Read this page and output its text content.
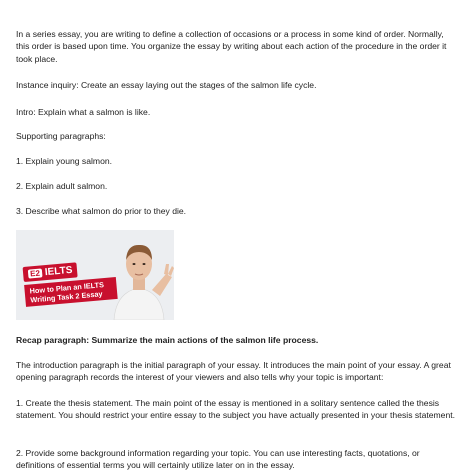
In a series essay, you are writing to define a collection of occasions or a process in some kind of order. Normally, this order is based upon time. You organize the essay by writing about each action of the procedure in the order it took place.

Instance inquiry: Create an essay laying out the stages of the salmon life cycle.

Intro: Explain what a salmon is like.

Supporting paragraphs:

1. Explain young salmon.

2. Explain adult salmon.

3. Describe what salmon do prior to they die.

Recap paragraph: Summarize the main actions of the salmon life process.

The introduction paragraph is the initial paragraph of your essay. It introduces the main point of your essay. A great opening paragraph records the interest of your viewers and also tells why your topic is important:

1. Create the thesis statement. The main point of the essay is mentioned in a solitary sentence called the thesis statement. You should restrict your entire essay to the subject you have actually presented in your thesis statement.

2. Provide some background information regarding your topic. You can use interesting facts, quotations, or definitions of essential terms you will certainly utilize later on in the essay.

E2 IELTS
How to Plan an IELTS Writing Task 2 Essay
